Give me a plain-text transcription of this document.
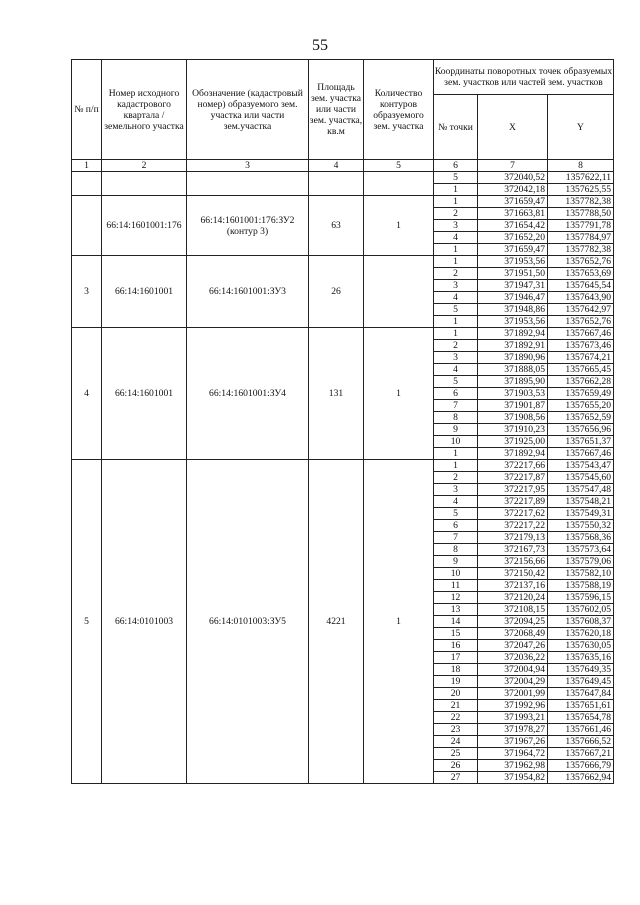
55
№ п/п	Номер исходного кадастрового квартала / земельного участка	Обозначение (кадастровый номер) образуемого зем. участка или части зем.участка	Площадь зем. участка или части зем. участка, кв.м	Количество контуров образуемого зем. участка	Координаты поворотных точек образуемых зем. участков или частей зем. участков		
					№ точки	X	Y
1	2	3	4	5	6	7	8
					5	372040,52	1357622,11
					1	372042,18	1357625,55
	66:14:1601001:176	66:14:1601001:176:ЗУ2 (контур 3)	63	1	1	371659,47	1357782,38
					2	371663,81	1357788,50
					3	371654,42	1357791,78
					4	371652,20	1357784,97
					1	371659,47	1357782,38
3	66:14:1601001	66:14:1601001:ЗУ3	26		1	371953,56	1357652,76
					2	371951,50	1357653,69
					3	371947,31	1357645,54
					4	371946,47	1357643,90
					5	371948,86	1357642,97
					1	371953,56	1357652,76
4	66:14:1601001	66:14:1601001:ЗУ4	131	1	1	371892,94	1357667,46
					2	371892,91	1357673,46
					3	371890,96	1357674,21
					4	371888,05	1357665,45
					5	371895,90	1357662,28
					6	371903,53	1357659,49
					7	371901,87	1357655,20
					8	371908,56	1357652,59
					9	371910,23	1357656,96
					10	371925,00	1357651,37
					1	371892,94	1357667,46
5	66:14:0101003	66:14:0101003:ЗУ5	4221	1	1	372217,66	1357543,47
					2	372217,87	1357545,60
					3	372217,95	1357547,48
					4	372217,89	1357548,21
					5	372217,62	1357549,31
					6	372217,22	1357550,32
					7	372179,13	1357568,36
					8	372167,73	1357573,64
					9	372156,66	1357579,06
					10	372150,42	1357582,10
					11	372137,16	1357588,19
					12	372120,24	1357596,15
					13	372108,15	1357602,05
					14	372094,25	1357608,37
					15	372068,49	1357620,18
					16	372047,26	1357630,05
					17	372036,22	1357635,16
					18	372004,94	1357649,35
					19	372004,29	1357649,45
					20	372001,99	1357647,84
					21	371992,96	1357651,61
					22	371993,21	1357654,78
					23	371978,27	1357661,46
					24	371967,26	1357666,52
					25	371964,72	1357667,21
					26	371962,98	1357666,79
					27	371954,82	1357662,94
